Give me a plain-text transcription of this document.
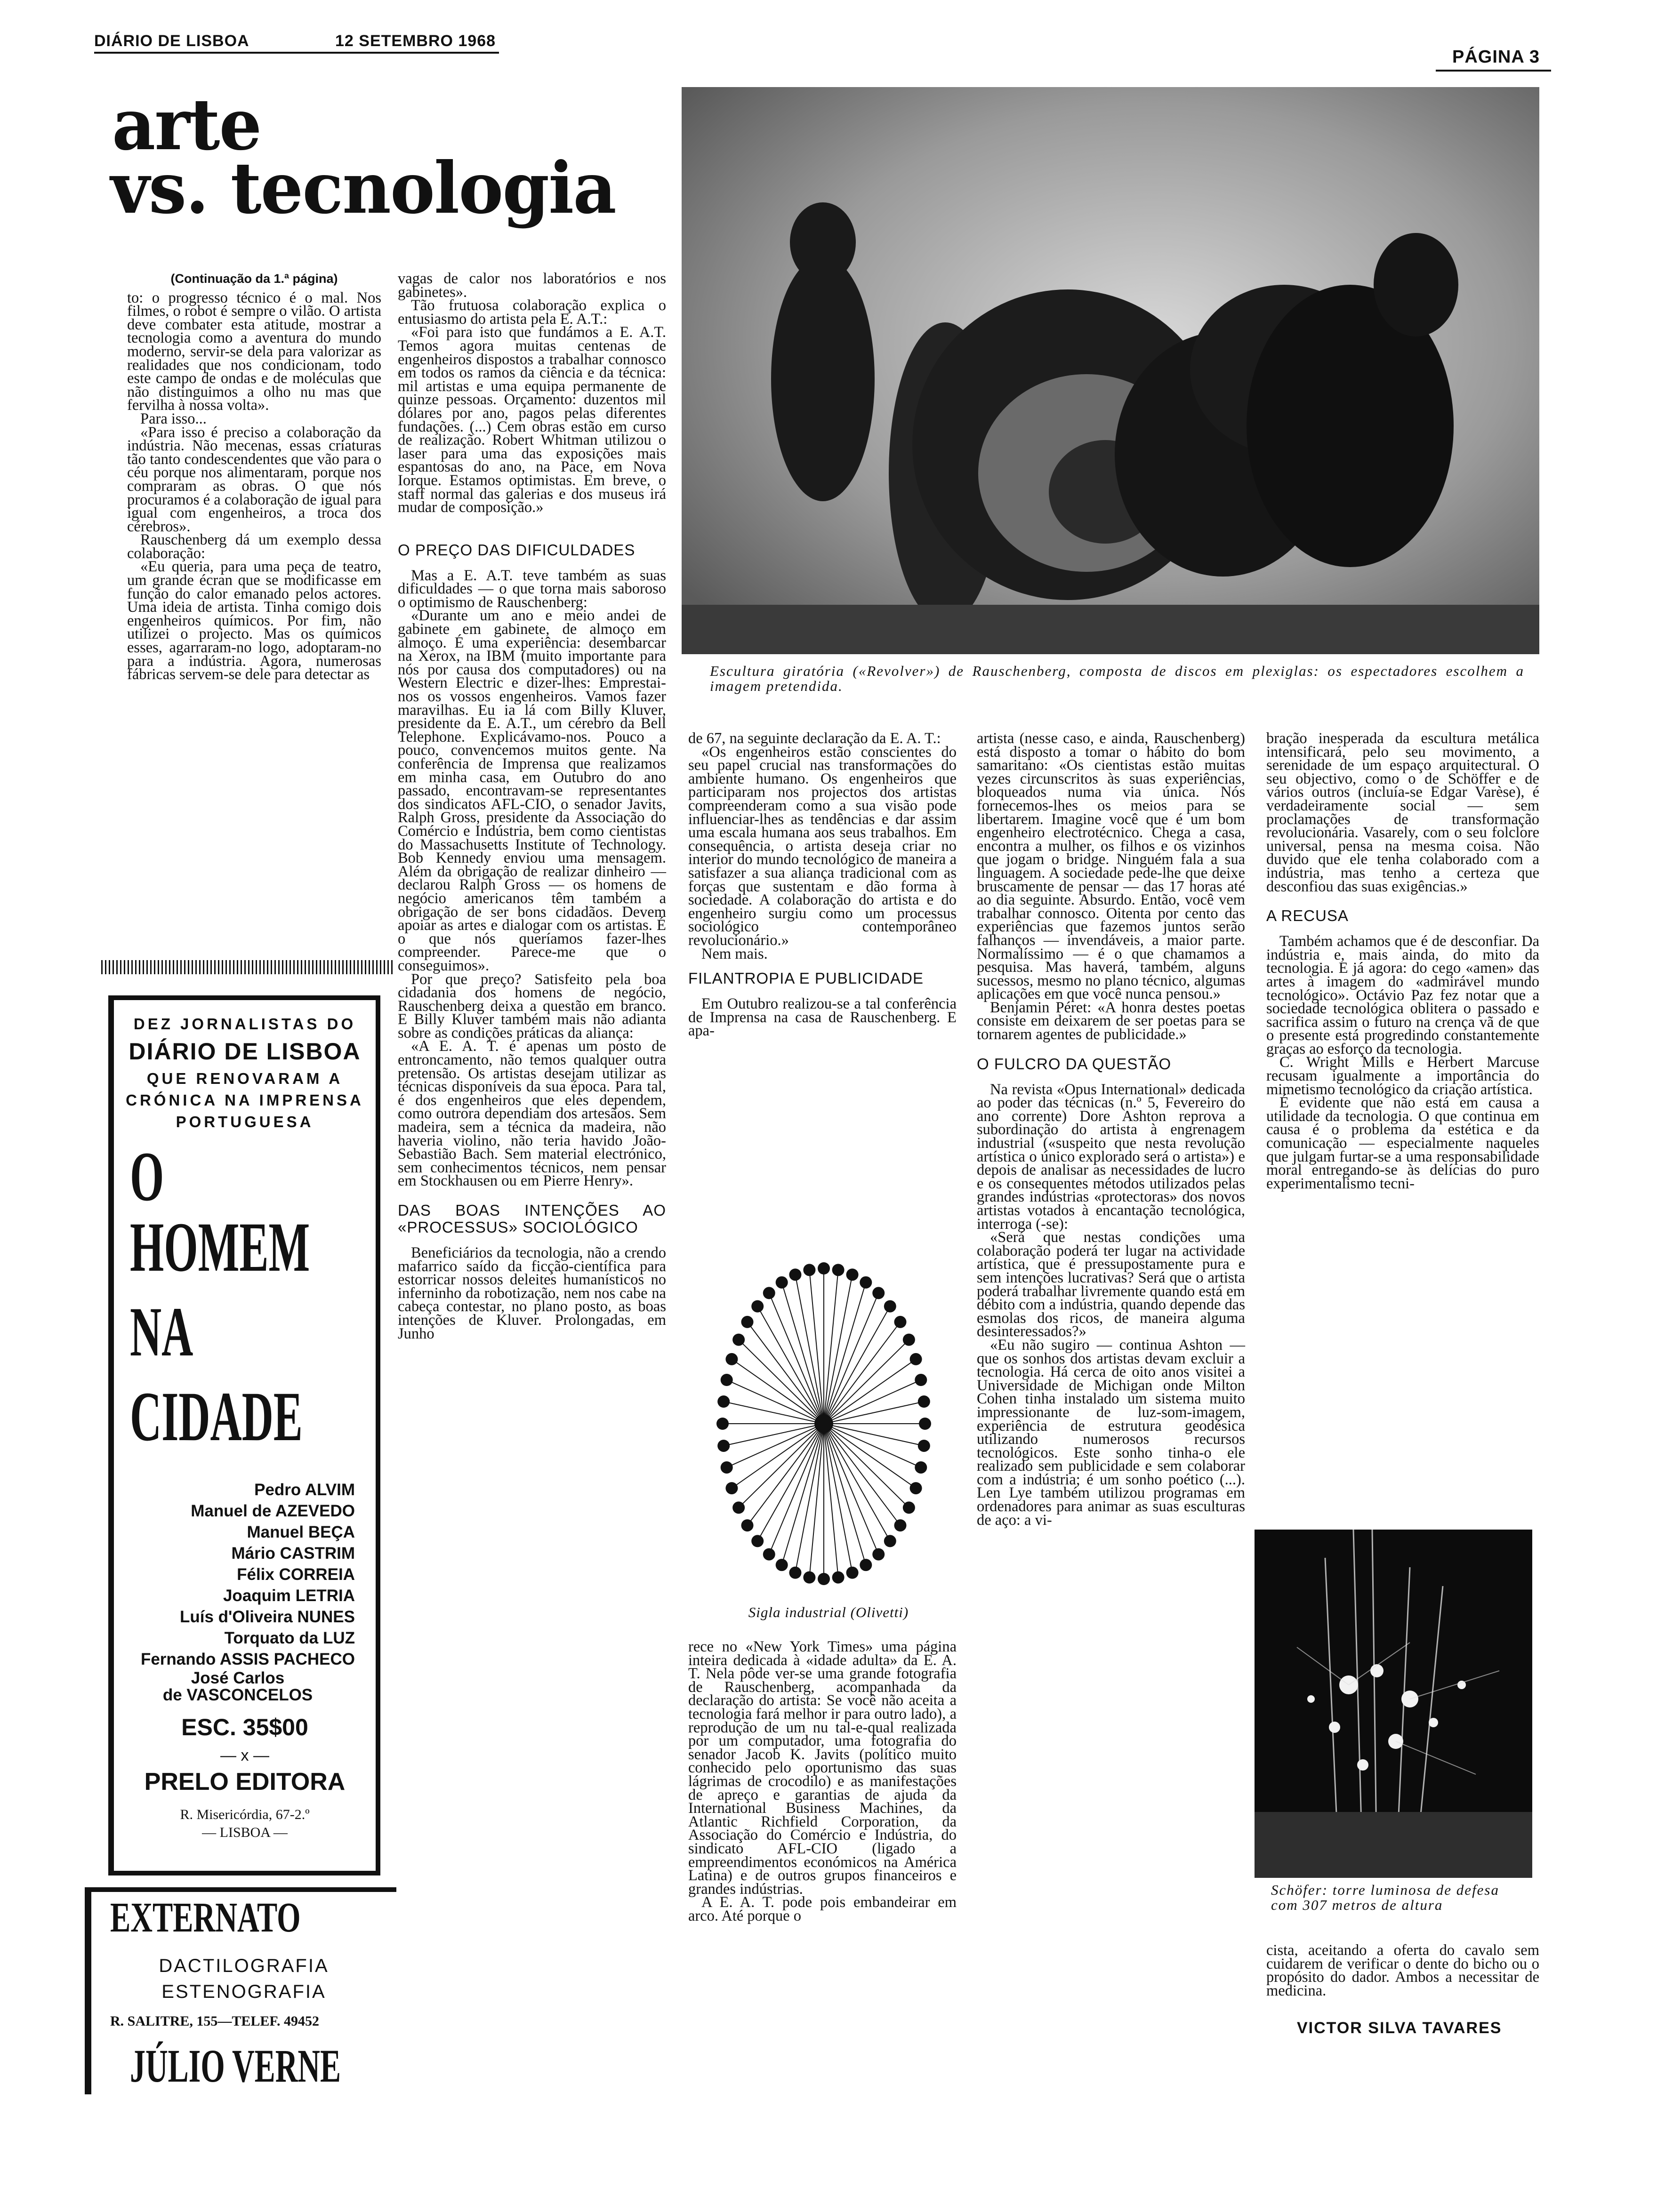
DIÁRIO DE LISBOA	12 SETEMBRO 1968
PÁGINA 3
arte
vs. tecnologia
Escultura giratória («Revolver») de Rauschenberg, composta de discos em plexiglas: os espectadores escolhem a imagem pretendida.

(Continuação da 1.ª página)

to: o progresso técnico é o mal. Nos filmes, o robot é sempre o vilão. O artista deve combater esta atitude, mostrar a tecnologia como a aventura do mundo moderno, servir-se dela para valorizar as realidades que nos condicionam, todo este campo de ondas e de moléculas que não distinguimos a olho nu mas que fervilha à nossa volta».

Para isso...

«Para isso é preciso a colaboração da indústria. Não mecenas, essas criaturas tão tanto condescendentes que vão para o céu porque nos alimentaram, porque nos compraram as obras. O que nós procuramos é a colaboração de igual para igual com engenheiros, a troca dos cérebros».

Rauschenberg dá um exemplo dessa colaboração:

«Eu queria, para uma peça de teatro, um grande écran que se modificasse em função do calor emanado pelos actores. Uma ideia de artista. Tinha comigo dois engenheiros químicos. Por fim, não utilizei o projecto. Mas os químicos esses, agarraram-no logo, adoptaram-no para a indústria. Agora, numerosas fábricas servem-se dele para detectar as

DEZ JORNALISTAS DO
DIÁRIO DE LISBOA
QUE RENOVARAM A
CRÓNICA NA IMPRENSA
PORTUGUESA
O HOMEM
NA
CIDADE
Pedro ALVIM
Manuel de AZEVEDO
Manuel BEÇA
Mário CASTRIM
Félix CORREIA
Joaquim LETRIA
Luís d'Oliveira NUNES
Torquato da LUZ
Fernando ASSIS PACHECO
José Carlos
de VASCONCELOS
ESC. 35$00
— x —
PRELO EDITORA
R. Misericórdia, 67-2.º
— LISBOA —
EXTERNATO
DACTILOGRAFIA
ESTENOGRAFIA
R. SALITRE, 155—TELEF. 49452
JÚLIO VERNE

vagas de calor nos laboratórios e nos gabinetes».

Tão frutuosa colaboração explica o entusiasmo do artista pela E. A.T.:

«Foi para isto que fundámos a E. A.T. Temos agora muitas centenas de engenheiros dispostos a trabalhar connosco em todos os ramos da ciência e da técnica: mil artistas e uma equipa permanente de quinze pessoas. Orçamento: duzentos mil dólares por ano, pagos pelas diferentes fundações. (...) Cem obras estão em curso de realização. Robert Whitman utilizou o laser para uma das exposições mais espantosas do ano, na Pace, em Nova Iorque. Estamos optimistas. Em breve, o staff normal das galerias e dos museus irá mudar de composição.»

O PREÇO DAS DIFICULDADES

Mas a E. A.T. teve também as suas dificuldades — o que torna mais saboroso o optimismo de Rauschenberg:

«Durante um ano e meio andei de gabinete em gabinete, de almoço em almoço. É uma experiência: desembarcar na Xerox, na IBM (muito importante para nós por causa dos computadores) ou na Western Electric e dizer-lhes: Emprestai-nos os vossos engenheiros. Vamos fazer maravilhas. Eu ia lá com Billy Kluver, presidente da E. A.T., um cérebro da Bell Telephone. Explicávamo-nos. Pouco a pouco, convencemos muitos gente. Na conferência de Imprensa que realizamos em minha casa, em Outubro do ano passado, encontravam-se representantes dos sindicatos AFL-CIO, o senador Javits, Ralph Gross, presidente da Associação do Comércio e Indústria, bem como cientistas do Massachusetts Institute of Technology. Bob Kennedy enviou uma mensagem. Além da obrigação de realizar dinheiro — declarou Ralph Gross — os homens de negócio americanos têm também a obrigação de ser bons cidadãos. Devem apoiar as artes e dialogar com os artistas. É o que nós queríamos fazer-lhes compreender. Parece-me que o conseguimos».

Por que preço? Satisfeito pela boa cidadania dos homens de negócio, Rauschenberg deixa a questão em branco. E Billy Kluver também mais não adianta sobre as condições práticas da aliança:

«A E. A. T. é apenas um posto de entroncamento, não temos qualquer outra pretensão. Os artistas desejam utilizar as técnicas disponíveis da sua época. Para tal, é dos engenheiros que eles dependem, como outrora dependiam dos artesãos. Sem madeira, sem a técnica da madeira, não haveria violino, não teria havido João-Sebastião Bach. Sem material electrónico, sem conhecimentos técnicos, nem pensar em Stockhausen ou em Pierre Henry».

DAS BOAS INTENÇÕES AO «PROCESSUS» SOCIOLÓGICO

Beneficiários da tecnologia, não a crendo mafarrico saído da ficção-científica para estorricar nossos deleites humanísticos no inferninho da robotização, nem nos cabe na cabeça contestar, no plano posto, as boas intenções de Kluver. Prolongadas, em Junho

de 67, na seguinte declaração da E. A. T.:

«Os engenheiros estão conscientes do seu papel crucial nas transformações do ambiente humano. Os engenheiros que participaram nos projectos dos artistas compreenderam como a sua visão pode influenciar-lhes as tendências e dar assim uma escala humana aos seus trabalhos. Em consequência, o artista deseja criar no interior do mundo tecnológico de maneira a satisfazer a sua aliança tradicional com as forças que sustentam e dão forma à sociedade. A colaboração do artista e do engenheiro surgiu como um processus sociológico contemporâneo revolucionário.»

Nem mais.

FILANTROPIA E PUBLICIDADE

Em Outubro realizou-se a tal conferência de Imprensa na casa de Rauschenberg. E apa-

Sigla industrial (Olivetti)

rece no «New York Times» uma página inteira dedicada à «idade adulta» da E. A. T. Nela pôde ver-se uma grande fotografia de Rauschenberg, acompanhada da declaração do artista: Se você não aceita a tecnologia fará melhor ir para outro lado), a reprodução de um nu tal-e-qual realizada por um computador, uma fotografia do senador Jacob K. Javits (político muito conhecido pelo oportunismo das suas lágrimas de crocodilo) e as manifestações de apreço e garantias de ajuda da International Business Machines, da Atlantic Richfield Corporation, da Associação do Comércio e Indústria, do sindicato AFL-CIO (ligado a empreendimentos económicos na América Latina) e de outros grupos financeiros e grandes indústrias.

A E. A. T. pode pois embandeirar em arco. Até porque o

artista (nesse caso, e ainda, Rauschenberg) está disposto a tomar o hábito do bom samaritano: «Os cientistas estão muitas vezes circunscritos às suas experiências, bloqueados numa via única. Nós fornecemos-lhes os meios para se libertarem. Imagine você que é um bom engenheiro electrotécnico. Chega a casa, encontra a mulher, os filhos e os vizinhos que jogam o bridge. Ninguém fala a sua linguagem. A sociedade pede-lhe que deixe bruscamente de pensar — das 17 horas até ao dia seguinte. Absurdo. Então, você vem trabalhar connosco. Oitenta por cento das experiências que fazemos juntos serão falhanços — invendáveis, a maior parte. Normalíssimo — é o que chamamos a pesquisa. Mas haverá, também, alguns sucessos, mesmo no plano técnico, algumas aplicações em que você nunca pensou.»

Benjamin Péret: «A honra destes poetas consiste em deixarem de ser poetas para se tornarem agentes de publicidade.»

O FULCRO DA QUESTÃO

Na revista «Opus International» dedicada ao poder das técnicas (n.º 5, Fevereiro do ano corrente) Dore Ashton reprova a subordinação do artista à engrenagem industrial («suspeito que nesta revolução artística o único explorado será o artista») e depois de analisar as necessidades de lucro e os consequentes métodos utilizados pelas grandes indústrias «protectoras» dos novos artistas votados à encantação tecnológica, interroga (-se):

«Será que nestas condições uma colaboração poderá ter lugar na actividade artística, que é pressupostamente pura e sem intenções lucrativas? Será que o artista poderá trabalhar livremente quando está em débito com a indústria, quando depende das esmolas dos ricos, de maneira alguma desinteressados?»

«Eu não sugiro — continua Ashton — que os sonhos dos artistas devam excluir a tecnologia. Há cerca de oito anos visitei a Universidade de Michigan onde Milton Cohen tinha instalado um sistema muito impressionante de luz-som-imagem, experiência de estrutura geodésica utilizando numerosos recursos tecnológicos. Este sonho tinha-o ele realizado sem publicidade e sem colaborar com a indústria; é um sonho poético (...). Len Lye também utilizou programas em ordenadores para animar as suas esculturas de aço: a vi-

bração inesperada da escultura metálica intensificará, pelo seu movimento, a serenidade de um espaço arquitectural. O seu objectivo, como o de Schöffer e de vários outros (incluía-se Edgar Varèse), é verdadeiramente social — sem proclamações de transformação revolucionária. Vasarely, com o seu folclore universal, pensa na mesma coisa. Não duvido que ele tenha colaborado com a indústria, mas tenho a certeza que desconfiou das suas exigências.»

A RECUSA

Também achamos que é de desconfiar. Da indústria e, mais ainda, do mito da tecnologia. E já agora: do cego «amen» das artes à imagem do «admirável mundo tecnológico». Octávio Paz fez notar que a sociedade tecnológica oblitera o passado e sacrifica assim o futuro na crença vã de que o presente está progredindo constantemente graças ao esforço da tecnologia.

C. Wright Mills e Herbert Marcuse recusam igualmente a importância do mimetismo tecnológico da criação artística.

É evidente que não está em causa a utilidade da tecnologia. O que continua em causa é o problema da estética e da comunicação — especialmente naqueles que julgam furtar-se a uma responsabilidade moral entregando-se às delícias do puro experimentalismo tecni-

Schöfer: torre luminosa de defesa com 307 metros de altura

cista, aceitando a oferta do cavalo sem cuidarem de verificar o dente do bicho ou o propósito do dador. Ambos a necessitar de medicina.

VICTOR SILVA TAVARES
